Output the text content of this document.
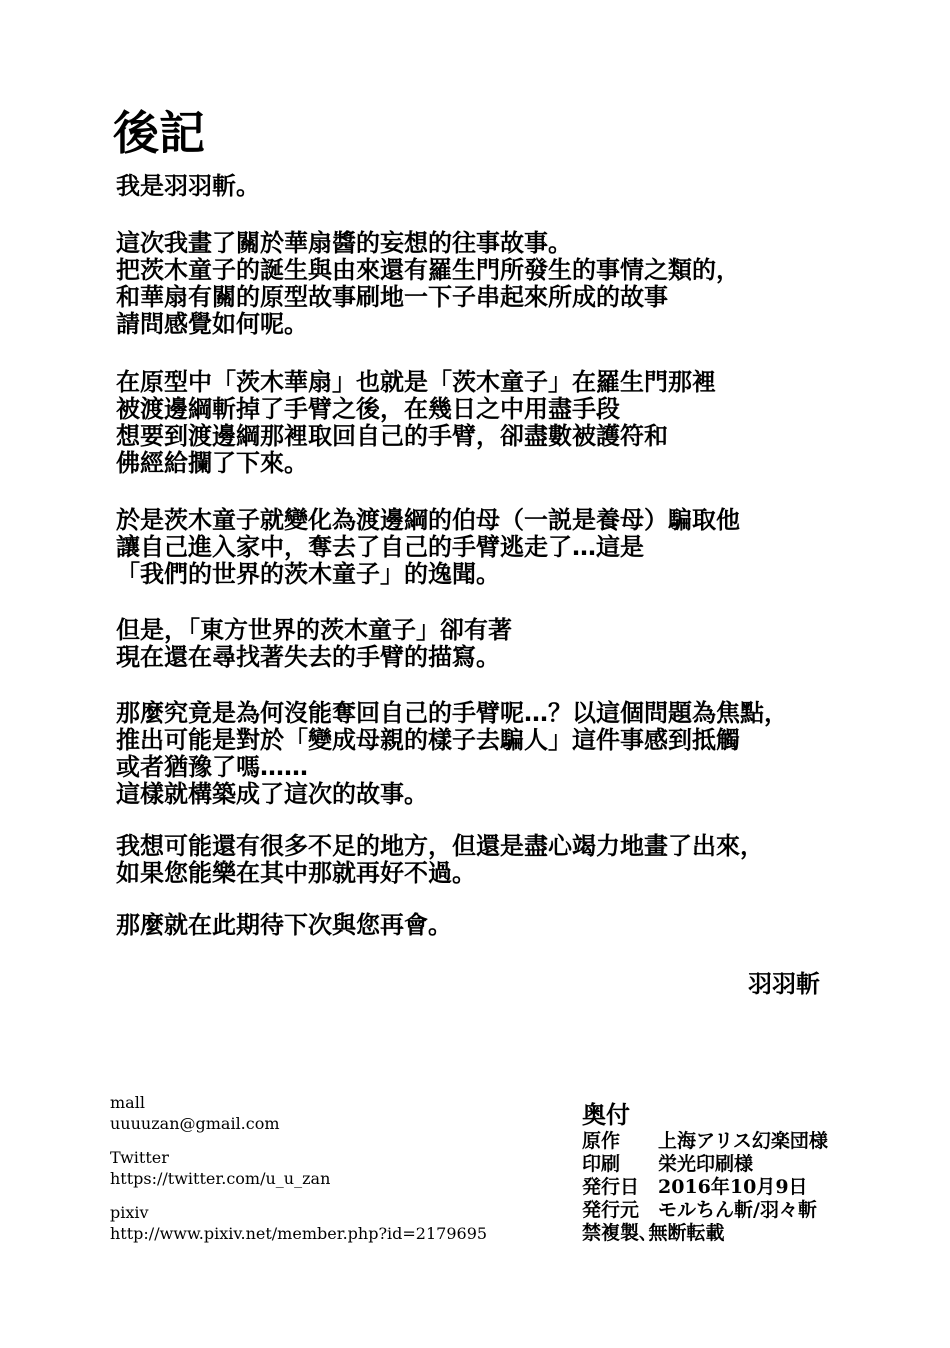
後記
我是羽羽斬。
這次我畫了關於華扇醬的妄想的往事故事。
把茨木童子的誕生與由來還有羅生門所發生的事情之類的，
和華扇有關的原型故事刷地一下子串起來所成的故事
請問感覺如何呢。
在原型中「茨木華扇」也就是「茨木童子」在羅生門那裡
被渡邊綱斬掉了手臂之後，在幾日之中用盡手段
想要到渡邊綱那裡取回自己的手臂，卻盡數被護符和
佛經給攔了下來。
於是茨木童子就變化為渡邊綱的伯母（一説是養母）騙取他
讓自己進入家中，奪去了自己的手臂逃走了…這是
「我們的世界的茨木童子」的逸聞。
但是，「東方世界的茨木童子」卻有著
現在還在尋找著失去的手臂的描寫。
那麼究竟是為何沒能奪回自己的手臂呢…？以這個問題為焦點，
推出可能是對於「變成母親的樣子去騙人」這件事感到抵觸
或者猶豫了嗎……
這樣就構築成了這次的故事。
我想可能還有很多不足的地方，但還是盡心竭力地畫了出來，
如果您能樂在其中那就再好不過。
那麼就在此期待下次與您再會。
羽羽斬
mall
uuuuzan@gmail.com
Twitter
https://twitter.com/u_u_zan
pixiv
http://www.pixiv.net/member.php?id=2179695
奥付
原作 上海アリス幻楽団様
印刷 栄光印刷様
発行日 2016年10月9日
発行元 モルちん斬/羽々斬
禁複製､無断転載
